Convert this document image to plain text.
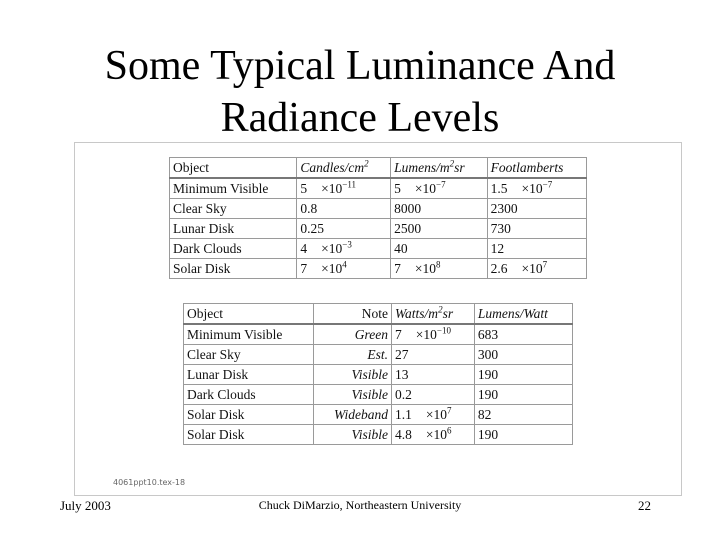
Some Typical Luminance And Radiance Levels
Object	Candles/$cm^2$	Lumens/$m^2sr$	Footlamberts
Minimum Visible	$5 \times 10^{-11}$	$5 \times 10^{-7}$	$1.5 \times 10^{-7}$
Clear Sky	0.8	8000	2300
Lunar Disk	0.25	2500	730
Dark Clouds	$4 \times 10^{-3}$	40	12
Solar Disk	$7 \times 10^4$	$7 \times 10^8$	$2.6 \times 10^7$
Object	Note	Watts/$m^2sr$	Lumens/Watt
Minimum Visible	Green	$7 \times 10^{-10}$	683
Clear Sky	Est.	27	300
Lunar Disk	Visible	13	190
Dark Clouds	Visible	0.2	190
Solar Disk	Wideband	$1.1 \times 10^7$	82
Solar Disk	Visible	$4.8 \times 10^6$	190
4061ppt10.tex-18
July 2003	Chuck DiMarzio, Northeastern University	22
